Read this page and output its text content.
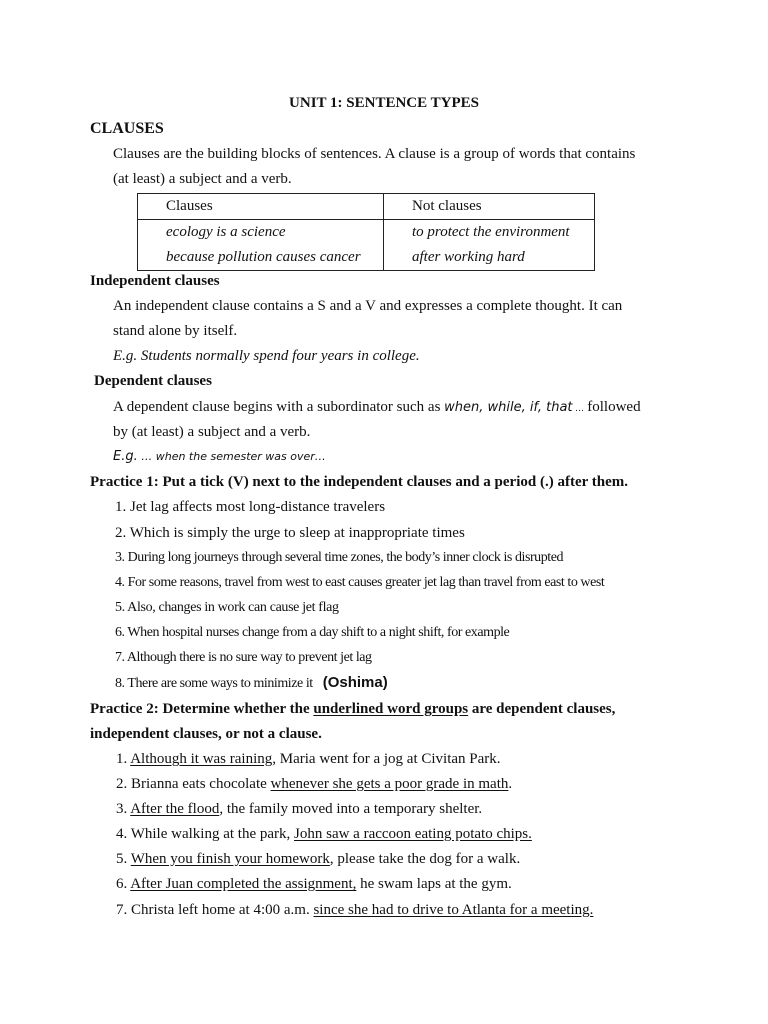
UNIT 1: SENTENCE TYPES
CLAUSES
Clauses are the building blocks of sentences. A clause is a group of words that contains
(at least) a subject and a verb.
Clauses	Not clauses
ecology is a science	to protect the environment
because pollution causes cancer	after working hard
Independent clauses
An independent clause contains a S and a V and expresses a complete thought. It can
stand alone by itself.
E.g. Students normally spend four years in college.
Dependent clauses
A dependent clause begins with a subordinator such as when, while, if, that … followed
by (at least) a subject and a verb.
E.g. … when the semester was over…
Practice 1: Put a tick (V) next to the independent clauses and a period (.) after them.
1. Jet lag affects most long-distance travelers
2. Which is simply the urge to sleep at inappropriate times
3. During long journeys through several time zones, the body’s inner clock is disrupted
4. For some reasons, travel from west to east causes greater jet lag than travel from east to west
5. Also, changes in work can cause jet flag
6. When hospital nurses change from a day shift to a night shift, for example
7. Although there is no sure way to prevent jet lag
8. There are some ways to minimize it (Oshima)
Practice 2: Determine whether the underlined word groups are dependent clauses,
independent clauses, or not a clause.
1. Although it was raining, Maria went for a jog at Civitan Park.
2. Brianna eats chocolate whenever she gets a poor grade in math.
3. After the flood, the family moved into a temporary shelter.
4. While walking at the park, John saw a raccoon eating potato chips.
5. When you finish your homework, please take the dog for a walk.
6. After Juan completed the assignment, he swam laps at the gym.
7. Christa left home at 4:00 a.m. since she had to drive to Atlanta for a meeting.
